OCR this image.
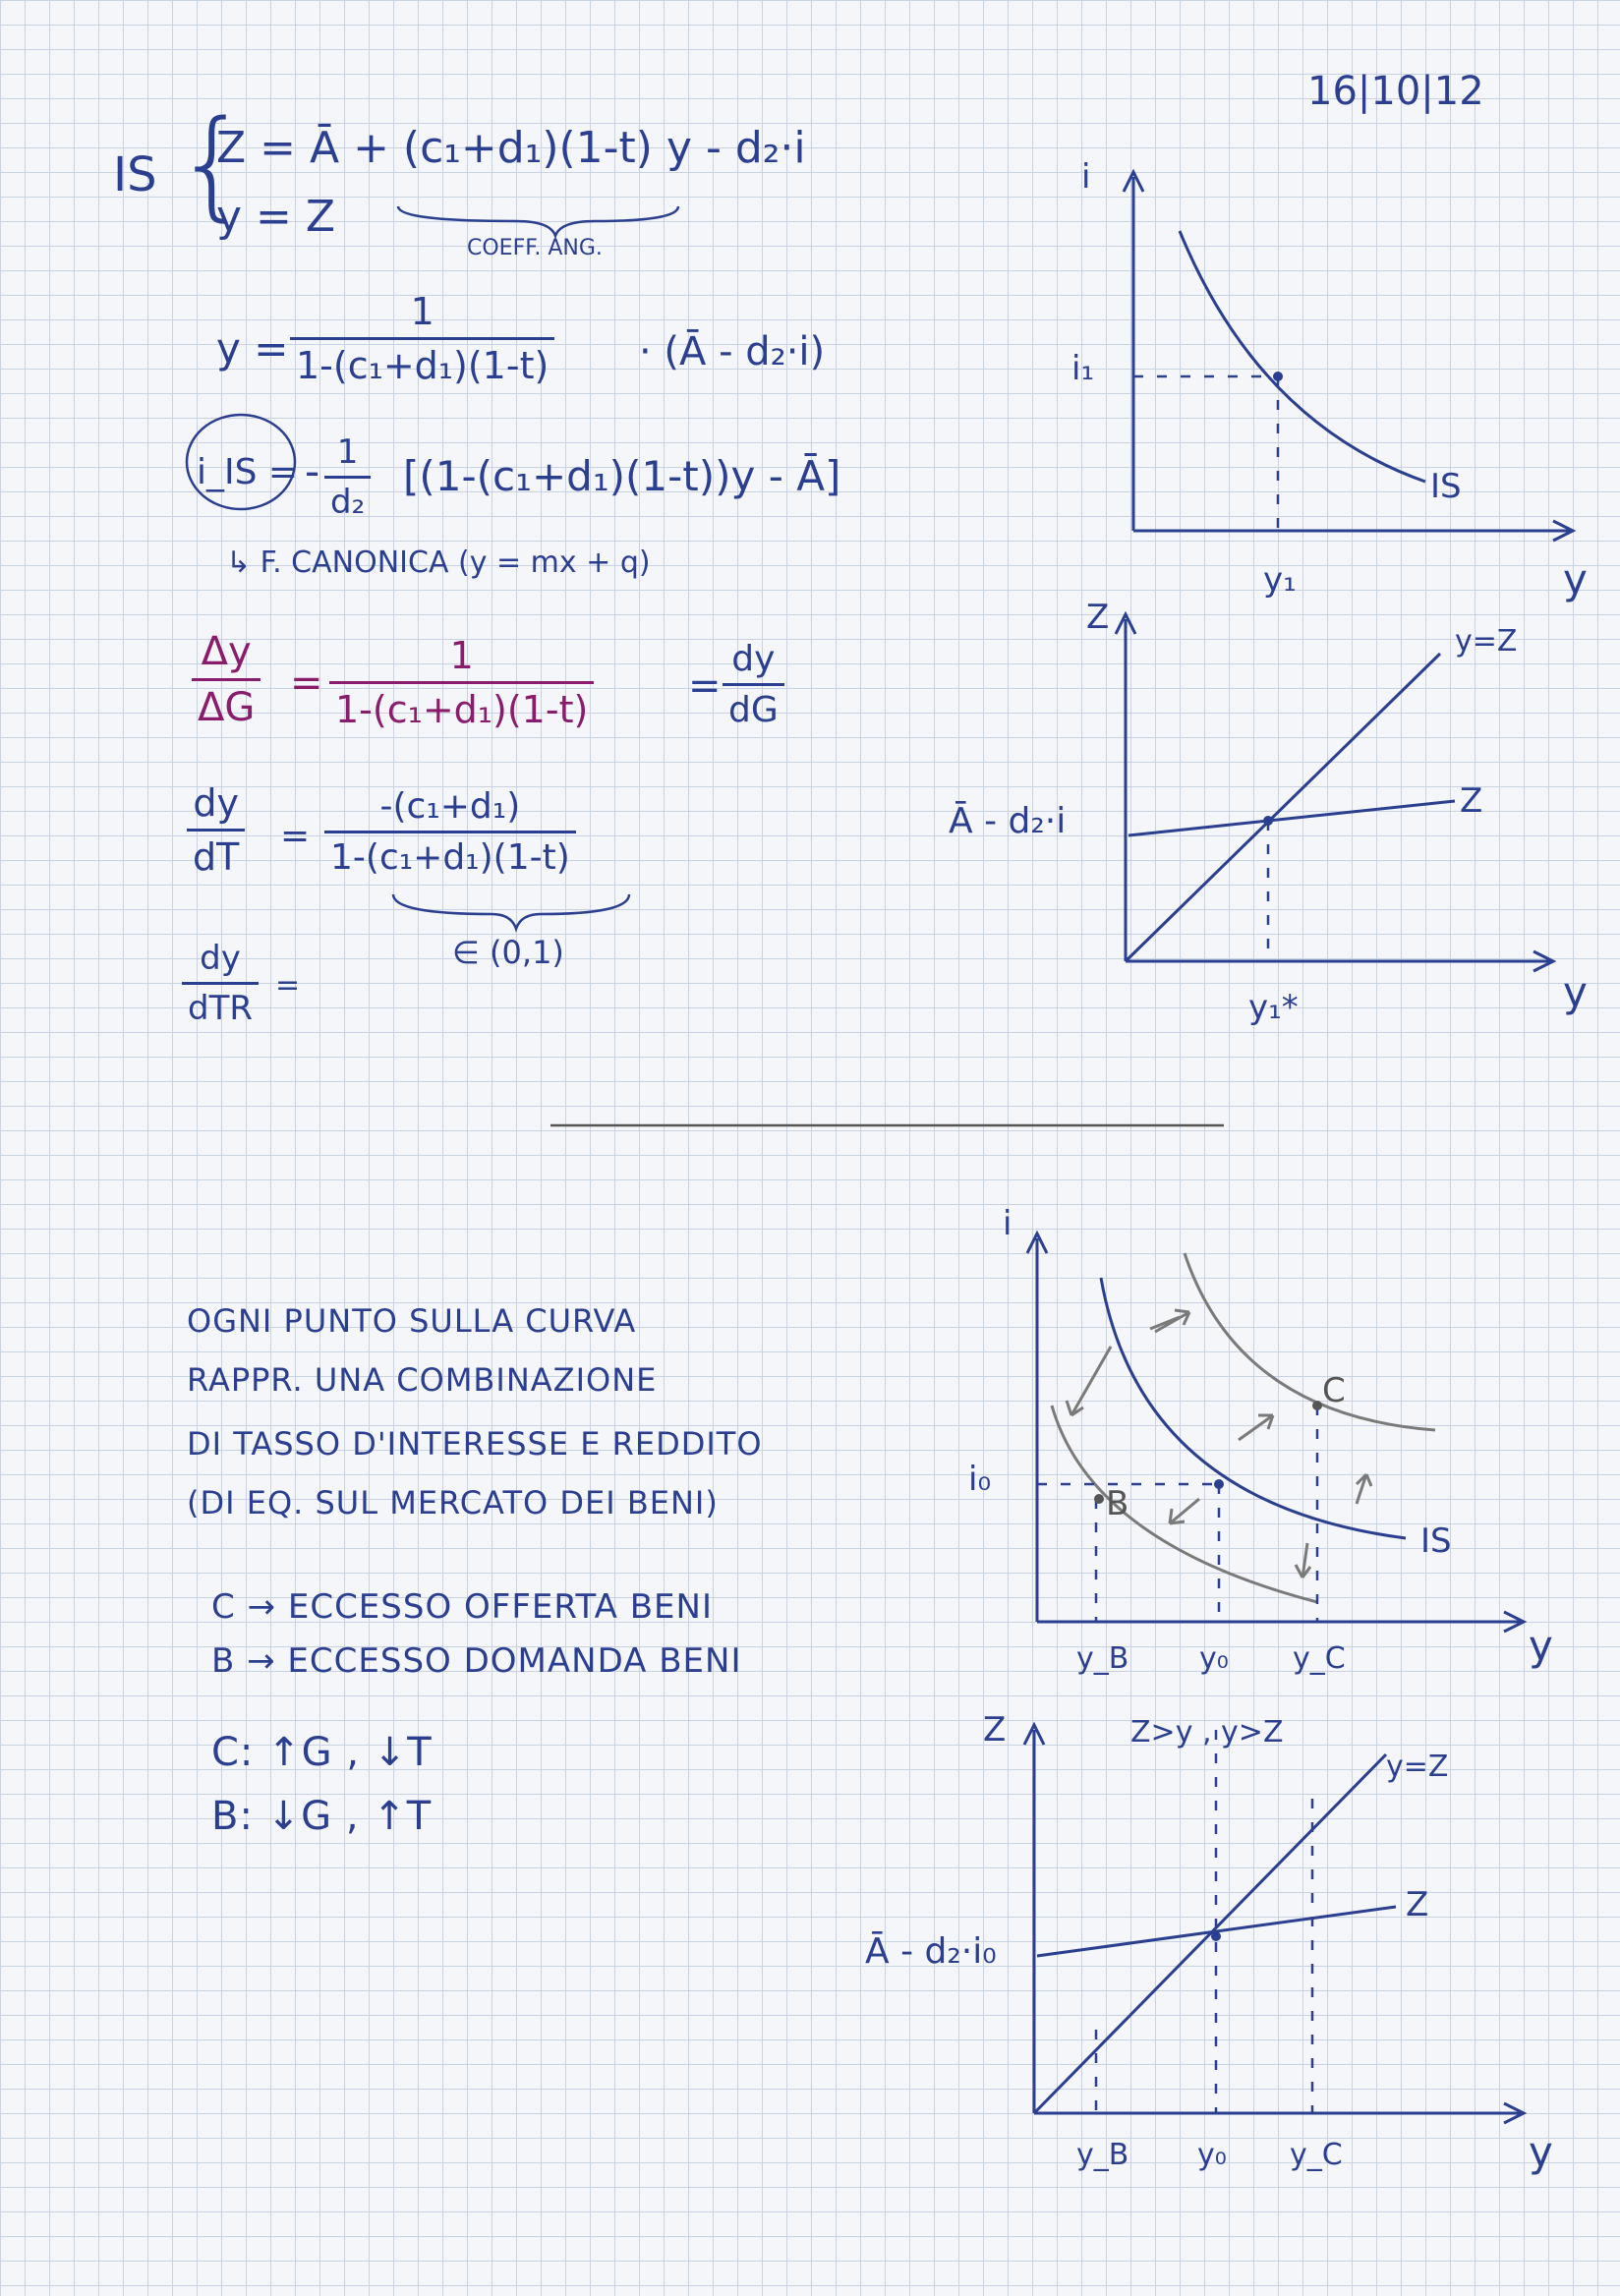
16|10|12
IS {
Z = Ā + (c₁+d₁)(1-t) y - d₂·i
y = Z
COEFF. ANG.
y =
1
1-(c₁+d₁)(1-t) · (Ā - d₂·i)
i_IS = - 1
d₂
[(1-(c₁+d₁)(1-t))y - Ā]
↳ F. CANONICA (y = mx + q)
Δy
ΔG
=
1
1-(c₁+d₁)(1-t)
=
dy
dG
dy
dT =
-(c₁+d₁)
1-(c₁+d₁)(1-t)
∈ (0,1)
dy
dTR
=
OGNI PUNTO SULLA CURVA
RAPPR. UNA COMBINAZIONE
DI TASSO D'INTERESSE E REDDITO
(DI EQ. SUL MERCATO DEI BENI)
C → ECCESSO OFFERTA BENI
B → ECCESSO DOMANDA BENI
C: ↑G , ↓T
B: ↓G , ↑T
i
y
i₁
y₁
IS
Z
y
y=Z
Z
Ā - d₂·i
y₁*
i
y
i₀
IS
B
C
y_B y₀ y_C
Z
y
Z>y , y>Z
y=Z
Z
Ā - d₂·i₀
y_B y₀ y_C
